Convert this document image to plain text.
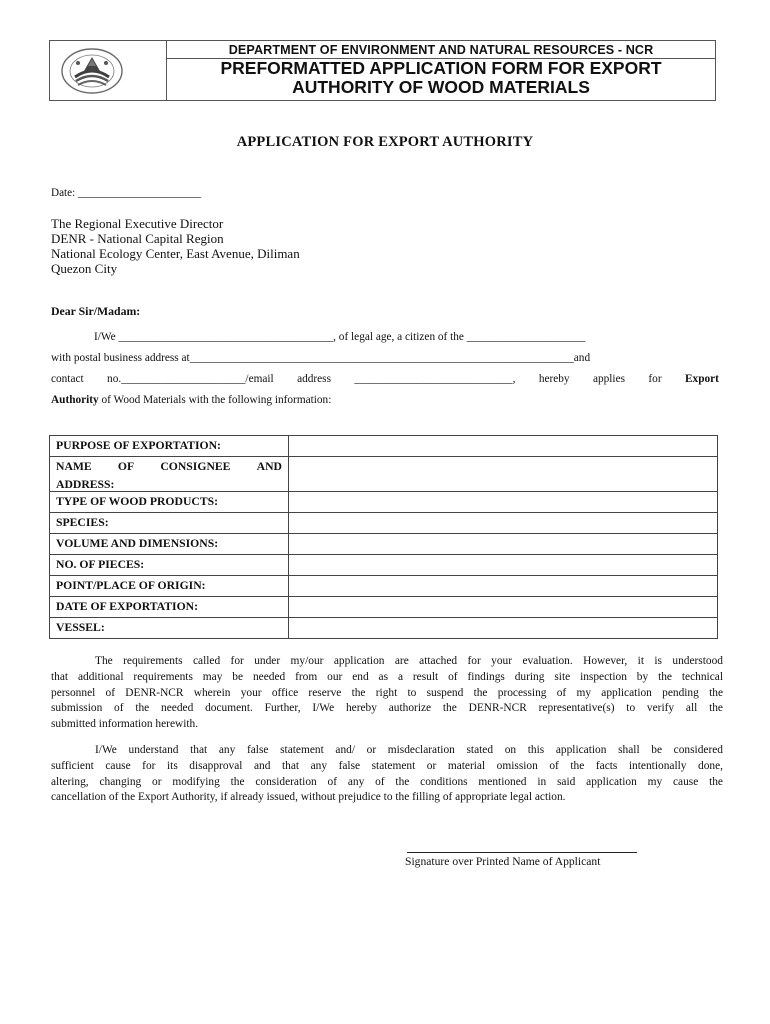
DEPARTMENT OF ENVIRONMENT AND NATURAL RESOURCES - NCR
PREFORMATTED APPLICATION FORM FOR EXPORT
AUTHORITY OF WOOD MATERIALS
APPLICATION FOR EXPORT AUTHORITY
Date: ______________________
The Regional Executive Director
DENR - National Capital Region
National Ecology Center, East Avenue, Diliman
Quezon City
Dear Sir/Madam:
I/We ______________________________________, of legal age, a citizen of the _____________________
with postal business address at____________________________________________________________________and
contact no.______________________/email address ____________________________, hereby applies for Export
Authority of Wood Materials with the following information:
PURPOSE OF EXPORTATION:	

NAME OF CONSIGNEE AND
ADDRESS:	

TYPE OF WOOD PRODUCTS:	
SPECIES:	
VOLUME AND DIMENSIONS:	
NO. OF PIECES:	
POINT/PLACE OF ORIGIN:	
DATE OF EXPORTATION:	
VESSEL:	
The requirements called for under my/our application are attached for your evaluation. However, it is understood
that additional requirements may be needed from our end as a result of findings during site inspection by the technical
personnel of DENR-NCR wherein your office reserve the right to suspend the processing of my application pending the
submission of the needed document. Further, I/We hereby authorize the DENR-NCR representative(s) to verify all the
submitted information herewith.
I/We understand that any false statement and/ or misdeclaration stated on this application shall be considered
sufficient cause for its disapproval and that any false statement or material omission of the facts intentionally done,
altering, changing or modifying the consideration of any of the conditions mentioned in said application my cause the
cancellation of the Export Authority, if already issued, without prejudice to the filling of appropriate legal action.
Signature over Printed Name of Applicant
